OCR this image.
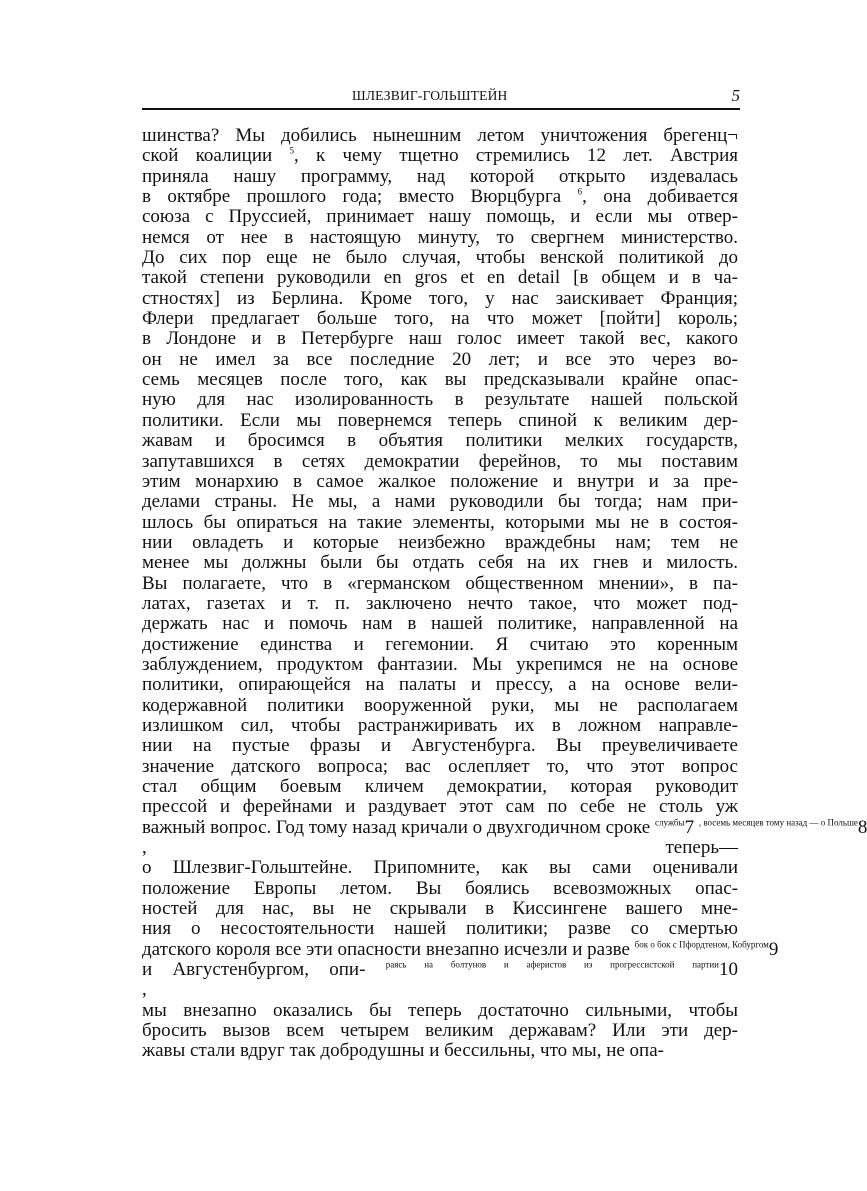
ШЛЕЗВИГ-ГОЛЬШТЕЙН	5
шинства? Мы добились нынешним летом уничтожения брегенц¬
ской коалиции $^5$, к чему тщетно стремились 12 лет. Австрия
приняла нашу программу, над которой открыто издевалась
в октябре прошлого года; вместо Вюрцбурга $^6$, она добивается
союза с Пруссией, принимает нашу помощь, и если мы отвер-
немся от нее в настоящую минуту, то свергнем министерство.
До сих пор еще не было случая, чтобы венской политикой до
такой степени руководили en gros et en detail [в общем и в ча-
стностях] из Берлина. Кроме того, у нас заискивает Франция;
Флери предлагает больше того, на что может [пойти] король;
в Лондоне и в Петербурге наш голос имеет такой вес, какого
он не имел за все последние 20 лет; и все это через во-
семь месяцев после того, как вы предсказывали крайне опас-
ную для нас изолированность в результате нашей польской
политики. Если мы повернемся теперь спиной к великим дер-
жавам и бросимся в объятия политики мелких государств,
запутавшихся в сетях демократии ферейнов, то мы поставим
этим монархию в самое жалкое положение и внутри и за пре-
делами страны. Не мы, а нами руководили бы тогда; нам при-
шлось бы опираться на такие элементы, которыми мы не в состоя-
нии овладеть и которые неизбежно враждебны нам; тем не
менее мы должны были бы отдать себя на их гнев и милость.
Вы полагаете, что в «германском общественном мнении», в па-
латах, газетах и т. п. заключено нечто такое, что может под-
держать нас и помочь нам в нашей политике, направленной на
достижение единства и гегемонии. Я считаю это коренным
заблуждением, продуктом фантазии. Мы укрепимся не на основе
политики, опирающейся на палаты и прессу, а на основе вели-
кодержавной политики вооруженной руки, мы не располагаем
излишком сил, чтобы растранжиривать их в ложном направле-
нии на пустые фразы и Августенбурга. Вы преувеличиваете
значение датского вопроса; вас ослепляет то, что этот вопрос
стал общим боевым кличем демократии, которая руководит
прессой и ферейнами и раздувает этот сам по себе не столь уж
важный вопрос. Год тому назад кричали о двухгодичном сроке $^{службы}$7 $^{, восемь месяцев тому назад — о Польше}$8
, теперь—
о Шлезвиг-Гольштейне. Припомните, как вы сами оценивали
положение Европы летом. Вы боялись всевозможных опас-
ностей для нас, вы не скрывали в Киссингене вашего мне-
ния о несостоятельности нашей политики; разве со смертью
датского короля все эти опасности внезапно исчезли и разве $^{бок о бок с Пфордтеном, Кобургом}$9
и Августенбургом, опи- $^{раясь на болтунов и аферистов из прогрессистской партии}$10
,
мы внезапно оказались бы теперь достаточно сильными, чтобы
бросить вызов всем четырем великим державам? Или эти дер-
жавы стали вдруг так добродушны и бессильны, что мы, не опа-
